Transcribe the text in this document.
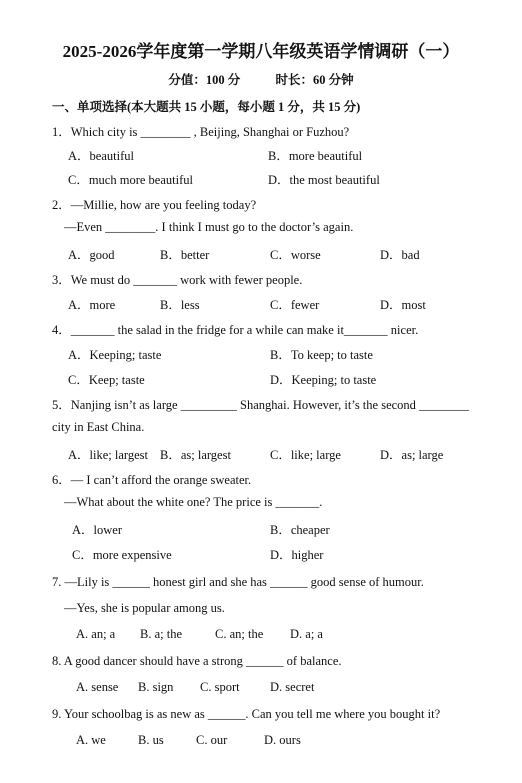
2025-2026学年度第一学期八年级英语学情调研（一）
分值：100 分	时长：60 分钟
一、单项选择(本大题共 15 小题，每小题 1 分，共 15 分)
1．Which city is ________ , Beijing, Shanghai or Fuzhou?
A．beautiful	B．more beautiful
C．much more beautiful	D．the most beautiful
2．—Millie, how are you feeling today?
—Even ________. I think I must go to the doctor’s again.
A．good	B．better	C．worse	D．bad
3．We must do _______ work with fewer people.
A．more	B．less	C．fewer	D．most
4．_______ the salad in the fridge for a while can make it_______ nicer.
A．Keeping; taste	B．To keep; to taste
C．Keep; taste	D．Keeping; to taste
5．Nanjing isn’t as large _________ Shanghai. However, it’s the second ________
city in East China.
A．like; largest B．as; largest	C．like; large	D．as; large
6．— I can’t afford the orange sweater.
—What about the white one? The price is _______.
A．lower	B．cheaper
C．more expensive	D．higher
7. —Lily is ______ honest girl and she has ______ good sense of humour.
—Yes, she is popular among us.
A. an; a B. a; the	C. an; the D. a; a
8. A good dancer should have a strong ______ of balance.
A. sense B. sign C. sport D. secret
9. Your schoolbag is as new as ______. Can you tell me where you bought it?
A. we	B. us	C. our	D. ours
